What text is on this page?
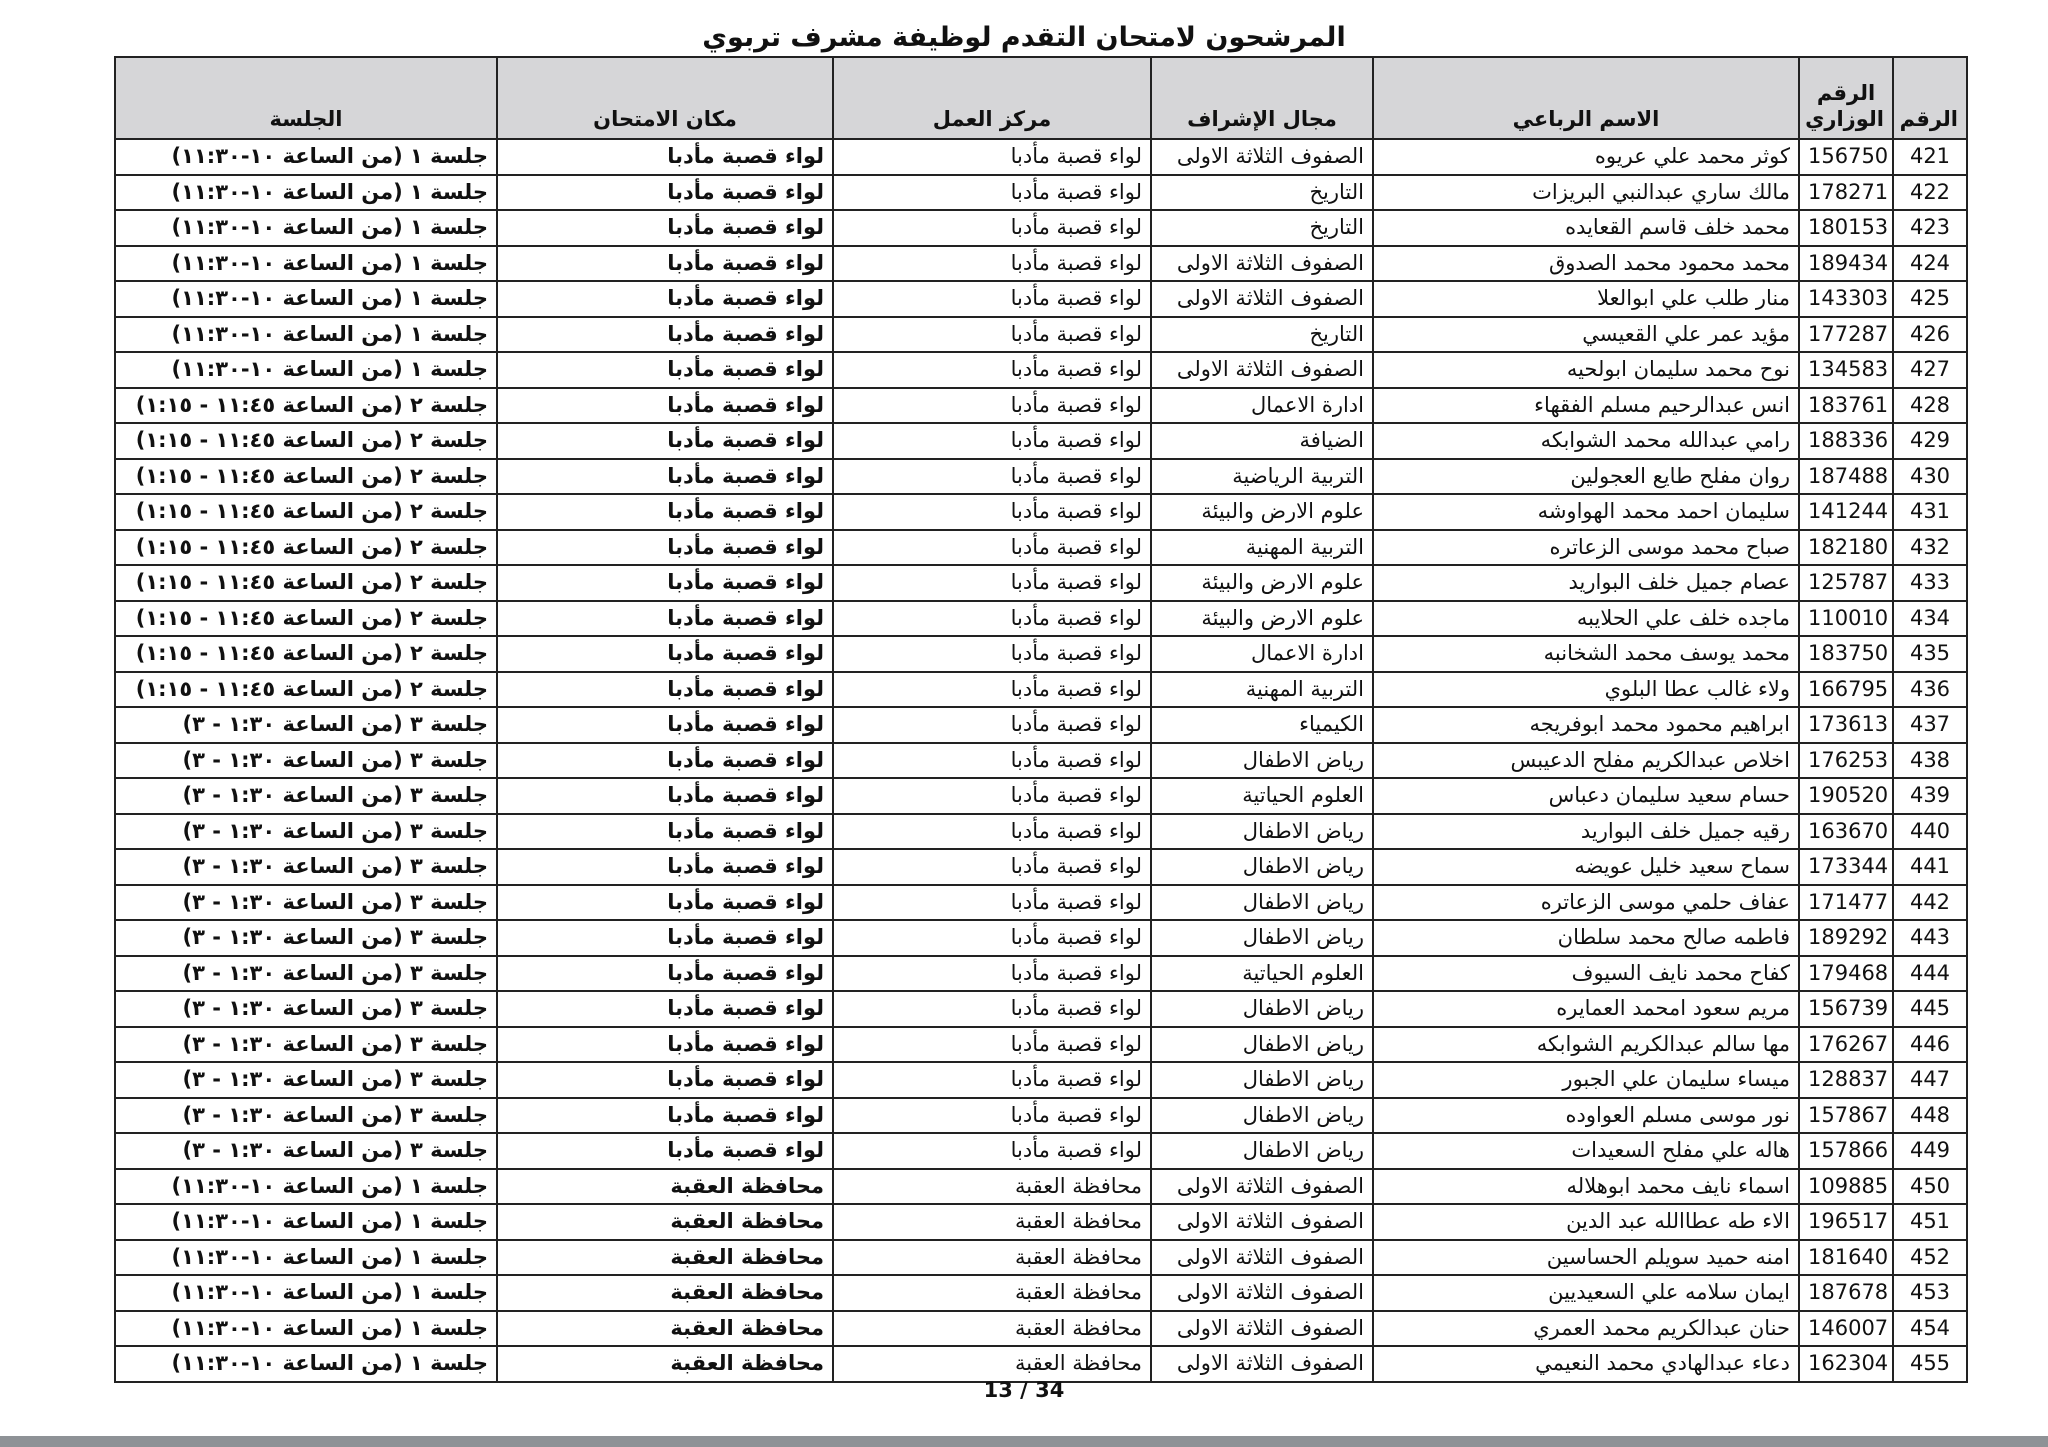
المرشحون لامتحان التقدم لوظيفة مشرف تربوي
الرقم	الرقم الوزاري	الاسم الرباعي	مجال الإشراف	مركز العمل	مكان الامتحان	الجلسة
421	156750	كوثر محمد علي عريوه	الصفوف الثلاثة الاولى	لواء قصبة مأدبا	لواء قصبة مأدبا	جلسة ١ (من الساعة ١٠-١١:٣٠)
422	178271	مالك ساري عبدالنبي البريزات	التاريخ	لواء قصبة مأدبا	لواء قصبة مأدبا	جلسة ١ (من الساعة ١٠-١١:٣٠)
423	180153	محمد خلف قاسم القعايده	التاريخ	لواء قصبة مأدبا	لواء قصبة مأدبا	جلسة ١ (من الساعة ١٠-١١:٣٠)
424	189434	محمد محمود محمد الصدوق	الصفوف الثلاثة الاولى	لواء قصبة مأدبا	لواء قصبة مأدبا	جلسة ١ (من الساعة ١٠-١١:٣٠)
425	143303	منار طلب علي ابوالعلا	الصفوف الثلاثة الاولى	لواء قصبة مأدبا	لواء قصبة مأدبا	جلسة ١ (من الساعة ١٠-١١:٣٠)
426	177287	مؤيد عمر علي القعيسي	التاريخ	لواء قصبة مأدبا	لواء قصبة مأدبا	جلسة ١ (من الساعة ١٠-١١:٣٠)
427	134583	نوح محمد سليمان ابولحيه	الصفوف الثلاثة الاولى	لواء قصبة مأدبا	لواء قصبة مأدبا	جلسة ١ (من الساعة ١٠-١١:٣٠)
428	183761	انس عبدالرحيم مسلم الفقهاء	ادارة الاعمال	لواء قصبة مأدبا	لواء قصبة مأدبا	جلسة ٢ (من الساعة ١١:٤٥ - ١:١٥)
429	188336	رامي عبدالله محمد الشوابكه	الضيافة	لواء قصبة مأدبا	لواء قصبة مأدبا	جلسة ٢ (من الساعة ١١:٤٥ - ١:١٥)
430	187488	روان مفلح طايع العجولين	التربية الرياضية	لواء قصبة مأدبا	لواء قصبة مأدبا	جلسة ٢ (من الساعة ١١:٤٥ - ١:١٥)
431	141244	سليمان احمد محمد الهواوشه	علوم الارض والبيئة	لواء قصبة مأدبا	لواء قصبة مأدبا	جلسة ٢ (من الساعة ١١:٤٥ - ١:١٥)
432	182180	صباح محمد موسى الزعاتره	التربية المهنية	لواء قصبة مأدبا	لواء قصبة مأدبا	جلسة ٢ (من الساعة ١١:٤٥ - ١:١٥)
433	125787	عصام جميل خلف البواريد	علوم الارض والبيئة	لواء قصبة مأدبا	لواء قصبة مأدبا	جلسة ٢ (من الساعة ١١:٤٥ - ١:١٥)
434	110010	ماجده خلف علي الحلايبه	علوم الارض والبيئة	لواء قصبة مأدبا	لواء قصبة مأدبا	جلسة ٢ (من الساعة ١١:٤٥ - ١:١٥)
435	183750	محمد يوسف محمد الشخانبه	ادارة الاعمال	لواء قصبة مأدبا	لواء قصبة مأدبا	جلسة ٢ (من الساعة ١١:٤٥ - ١:١٥)
436	166795	ولاء غالب عطا البلوي	التربية المهنية	لواء قصبة مأدبا	لواء قصبة مأدبا	جلسة ٢ (من الساعة ١١:٤٥ - ١:١٥)
437	173613	ابراهيم محمود محمد ابوفريجه	الكيمياء	لواء قصبة مأدبا	لواء قصبة مأدبا	جلسة ٣ (من الساعة ١:٣٠ - ٣)
438	176253	اخلاص عبدالكريم مفلح الدعيبس	رياض الاطفال	لواء قصبة مأدبا	لواء قصبة مأدبا	جلسة ٣ (من الساعة ١:٣٠ - ٣)
439	190520	حسام سعيد سليمان دعباس	العلوم الحياتية	لواء قصبة مأدبا	لواء قصبة مأدبا	جلسة ٣ (من الساعة ١:٣٠ - ٣)
440	163670	رقيه جميل خلف البواريد	رياض الاطفال	لواء قصبة مأدبا	لواء قصبة مأدبا	جلسة ٣ (من الساعة ١:٣٠ - ٣)
441	173344	سماح سعيد خليل عويضه	رياض الاطفال	لواء قصبة مأدبا	لواء قصبة مأدبا	جلسة ٣ (من الساعة ١:٣٠ - ٣)
442	171477	عفاف حلمي موسى الزعاتره	رياض الاطفال	لواء قصبة مأدبا	لواء قصبة مأدبا	جلسة ٣ (من الساعة ١:٣٠ - ٣)
443	189292	فاطمه صالح محمد سلطان	رياض الاطفال	لواء قصبة مأدبا	لواء قصبة مأدبا	جلسة ٣ (من الساعة ١:٣٠ - ٣)
444	179468	كفاح محمد نايف السيوف	العلوم الحياتية	لواء قصبة مأدبا	لواء قصبة مأدبا	جلسة ٣ (من الساعة ١:٣٠ - ٣)
445	156739	مريم سعود امحمد العمايره	رياض الاطفال	لواء قصبة مأدبا	لواء قصبة مأدبا	جلسة ٣ (من الساعة ١:٣٠ - ٣)
446	176267	مها سالم عبدالكريم الشوابكه	رياض الاطفال	لواء قصبة مأدبا	لواء قصبة مأدبا	جلسة ٣ (من الساعة ١:٣٠ - ٣)
447	128837	ميساء سليمان علي الجبور	رياض الاطفال	لواء قصبة مأدبا	لواء قصبة مأدبا	جلسة ٣ (من الساعة ١:٣٠ - ٣)
448	157867	نور موسى مسلم العواوده	رياض الاطفال	لواء قصبة مأدبا	لواء قصبة مأدبا	جلسة ٣ (من الساعة ١:٣٠ - ٣)
449	157866	هاله علي مفلح السعيدات	رياض الاطفال	لواء قصبة مأدبا	لواء قصبة مأدبا	جلسة ٣ (من الساعة ١:٣٠ - ٣)
450	109885	اسماء نايف محمد ابوهلاله	الصفوف الثلاثة الاولى	محافظة العقبة	محافظة العقبة	جلسة ١ (من الساعة ١٠-١١:٣٠)
451	196517	الاء طه عطاالله عبد الدين	الصفوف الثلاثة الاولى	محافظة العقبة	محافظة العقبة	جلسة ١ (من الساعة ١٠-١١:٣٠)
452	181640	امنه حميد سويلم الحساسين	الصفوف الثلاثة الاولى	محافظة العقبة	محافظة العقبة	جلسة ١ (من الساعة ١٠-١١:٣٠)
453	187678	ايمان سلامه علي السعيديين	الصفوف الثلاثة الاولى	محافظة العقبة	محافظة العقبة	جلسة ١ (من الساعة ١٠-١١:٣٠)
454	146007	حنان عبدالكريم محمد العمري	الصفوف الثلاثة الاولى	محافظة العقبة	محافظة العقبة	جلسة ١ (من الساعة ١٠-١١:٣٠)
455	162304	دعاء عبدالهادي محمد النعيمي	الصفوف الثلاثة الاولى	محافظة العقبة	محافظة العقبة	جلسة ١ (من الساعة ١٠-١١:٣٠)
13 / 34
